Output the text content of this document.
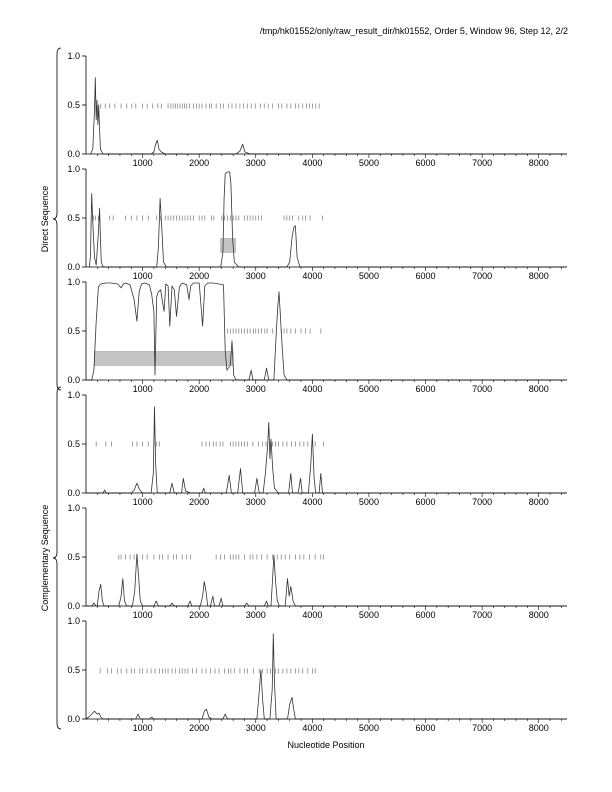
/tmp/hk01552/only/raw_result_dir/hk01552, Order 5, Window 96, Step 12, 2/2
0.0
0.5
1.0
1000	2000	3000	4000	5000	6000	7000	8000
0.0
0.5
1.0
1000	2000	3000	4000	5000	6000	7000	8000
0.0
0.5
1.0
1000	2000	3000	4000	5000	6000	7000	8000
0.0
0.5
1.0
1000	2000	3000	4000	5000	6000	7000	8000
0.0
0.5
1.0
1000	2000	3000	4000	5000	6000	7000	8000
0.0
0.5
1.0
1000	2000	3000	4000	5000	6000	7000	8000
Direct Sequence
Complementary Sequence
Nucleotide Position
